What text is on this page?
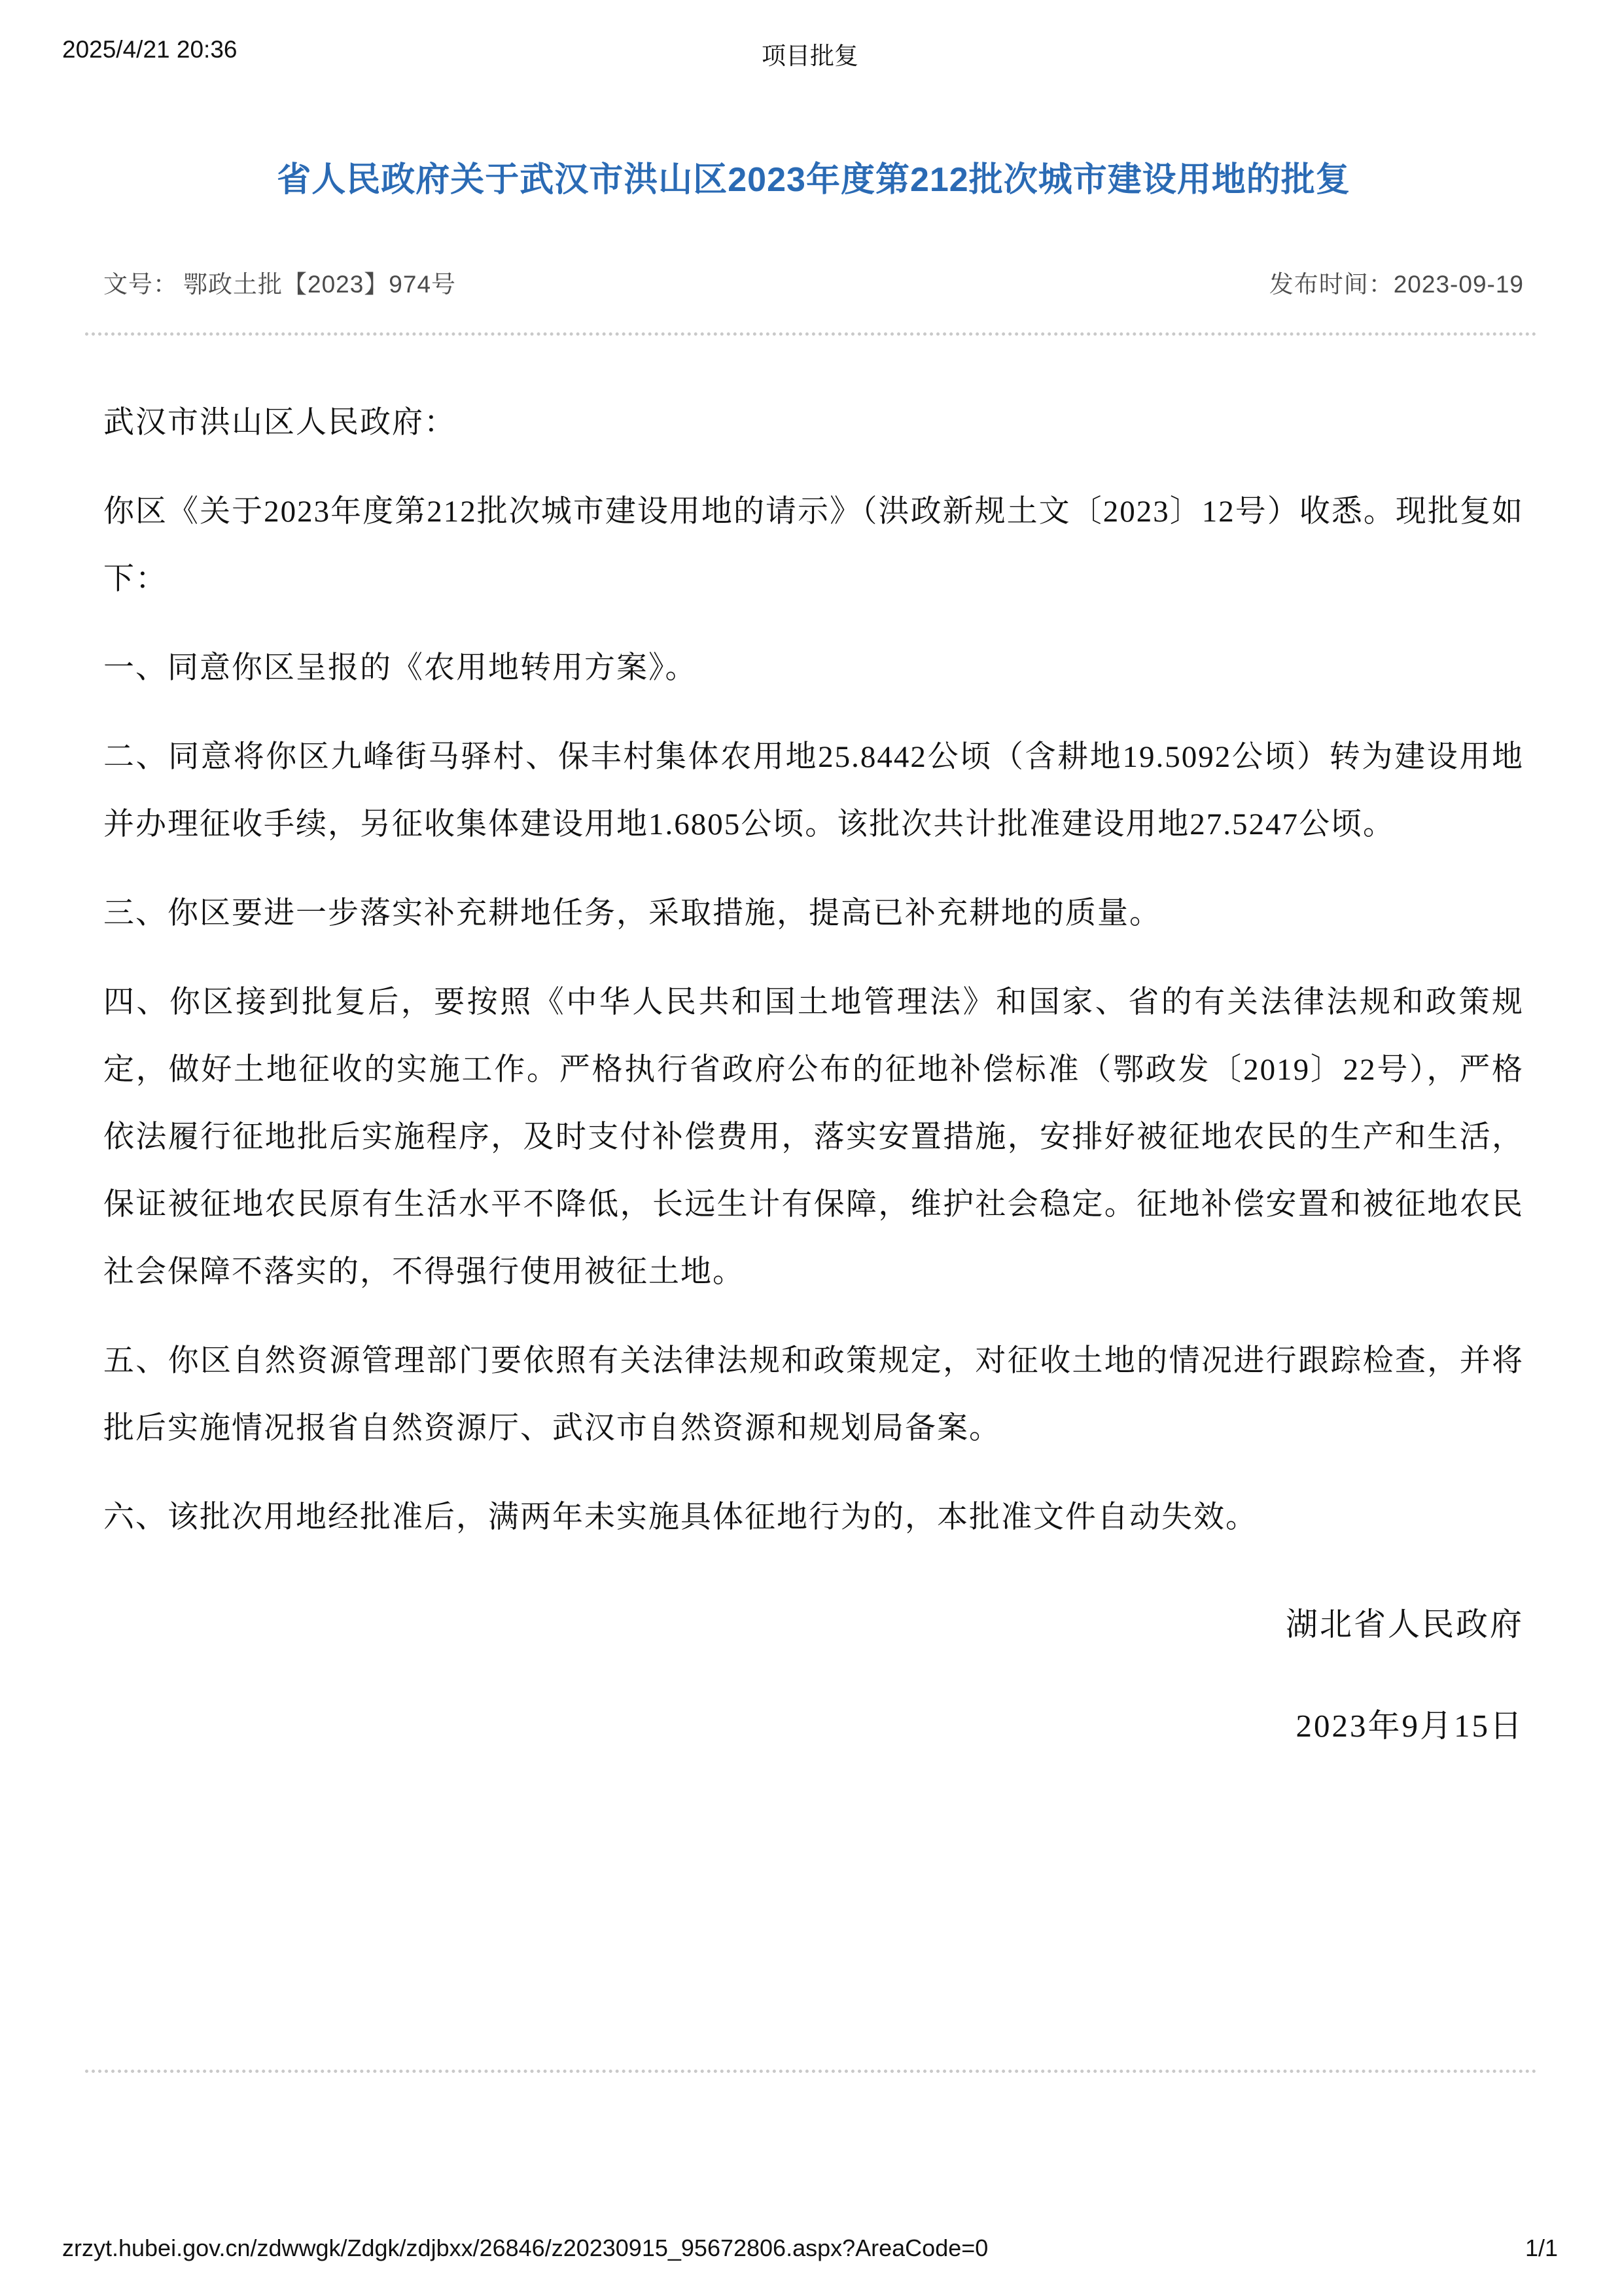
2025/4/21 20:36	项目批复
省人民政府关于武汉市洪山区2023年度第212批次城市建设用地的批复
文号： 鄂政土批【2023】974号	发布时间：2023-09-19

武汉市洪山区人民政府：

你区《关于2023年度第212批次城市建设用地的请示》（洪政新规土文〔2023〕12号）收悉。现批复如下：

一、同意你区呈报的《农用地转用方案》。

二、同意将你区九峰街马驿村、保丰村集体农用地25.8442公顷（含耕地19.5092公顷）转为建设用地并办理征收手续，另征收集体建设用地1.6805公顷。该批次共计批准建设用地27.5247公顷。

三、你区要进一步落实补充耕地任务，采取措施，提高已补充耕地的质量。

四、你区接到批复后，要按照《中华人民共和国土地管理法》和国家、省的有关法律法规和政策规定，做好土地征收的实施工作。严格执行省政府公布的征地补偿标准（鄂政发〔2019〕22号），严格依法履行征地批后实施程序，及时支付补偿费用，落实安置措施，安排好被征地农民的生产和生活，保证被征地农民原有生活水平不降低，长远生计有保障，维护社会稳定。征地补偿安置和被征地农民社会保障不落实的，不得强行使用被征土地。

五、你区自然资源管理部门要依照有关法律法规和政策规定，对征收土地的情况进行跟踪检查，并将批后实施情况报省自然资源厅、武汉市自然资源和规划局备案。

六、该批次用地经批准后，满两年未实施具体征地行为的，本批准文件自动失效。

湖北省人民政府
2023年9月15日
zrzyt.hubei.gov.cn/zdwwgk/Zdgk/zdjbxx/26846/z20230915_95672806.aspx?AreaCode=0	1/1
